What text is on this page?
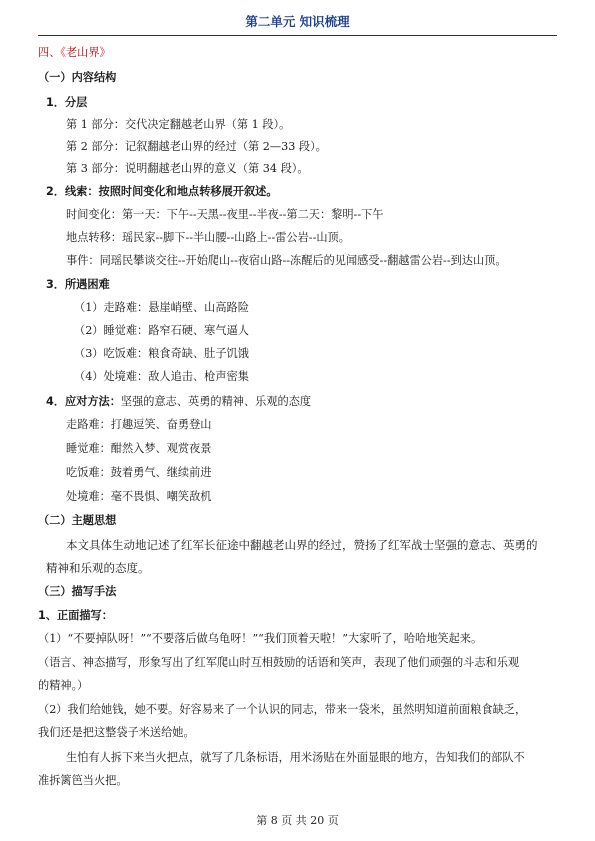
第二单元 知识梳理
四、《老山界》
（一）内容结构
1．分层
第 1 部分：交代决定翻越老山界（第 1 段）。
第 2 部分：记叙翻越老山界的经过（第 2—33 段）。
第 3 部分：说明翻越老山界的意义（第 34 段）。
2．线索：按照时间变化和地点转移展开叙述。
时间变化：第一天：下午--天黑--夜里--半夜--第二天：黎明--下午
地点转移：瑶民家--脚下--半山腰--山路上--雷公岩--山顶。
事件：同瑶民攀谈交往--开始爬山--夜宿山路--冻醒后的见闻感受--翻越雷公岩--到达山顶。
3．所遇困难
（1）走路难：悬崖峭壁、山高路险
（2）睡觉难：路窄石硬、寒气逼人
（3）吃饭难：粮食奇缺、肚子饥饿
（4）处境难：敌人追击、枪声密集
4．应对方法：坚强的意志、英勇的精神、乐观的态度
走路难：打趣逗笑、奋勇登山
睡觉难：酣然入梦、观赏夜景
吃饭难：鼓着勇气、继续前进
处境难：毫不畏惧、嘲笑敌机
（二）主题思想
本文具体生动地记述了红军长征途中翻越老山界的经过，赞扬了红军战士坚强的意志、英勇的
精神和乐观的态度。
（三）描写手法
1、正面描写：
（1）“不要掉队呀！”“不要落后做乌龟呀！”“我们顶着天啦！”大家听了，哈哈地笑起来。
（语言、神态描写，形象写出了红军爬山时互相鼓励的话语和笑声，表现了他们顽强的斗志和乐观
的精神。）
（2）我们给她钱，她不要。好容易来了一个认识的同志，带来一袋米，虽然明知道前面粮食缺乏，
我们还是把这整袋子米送给她。
生怕有人拆下来当火把点，就写了几条标语，用米汤贴在外面显眼的地方，告知我们的部队不
准拆篱笆当火把。
第 8 页 共 20 页
